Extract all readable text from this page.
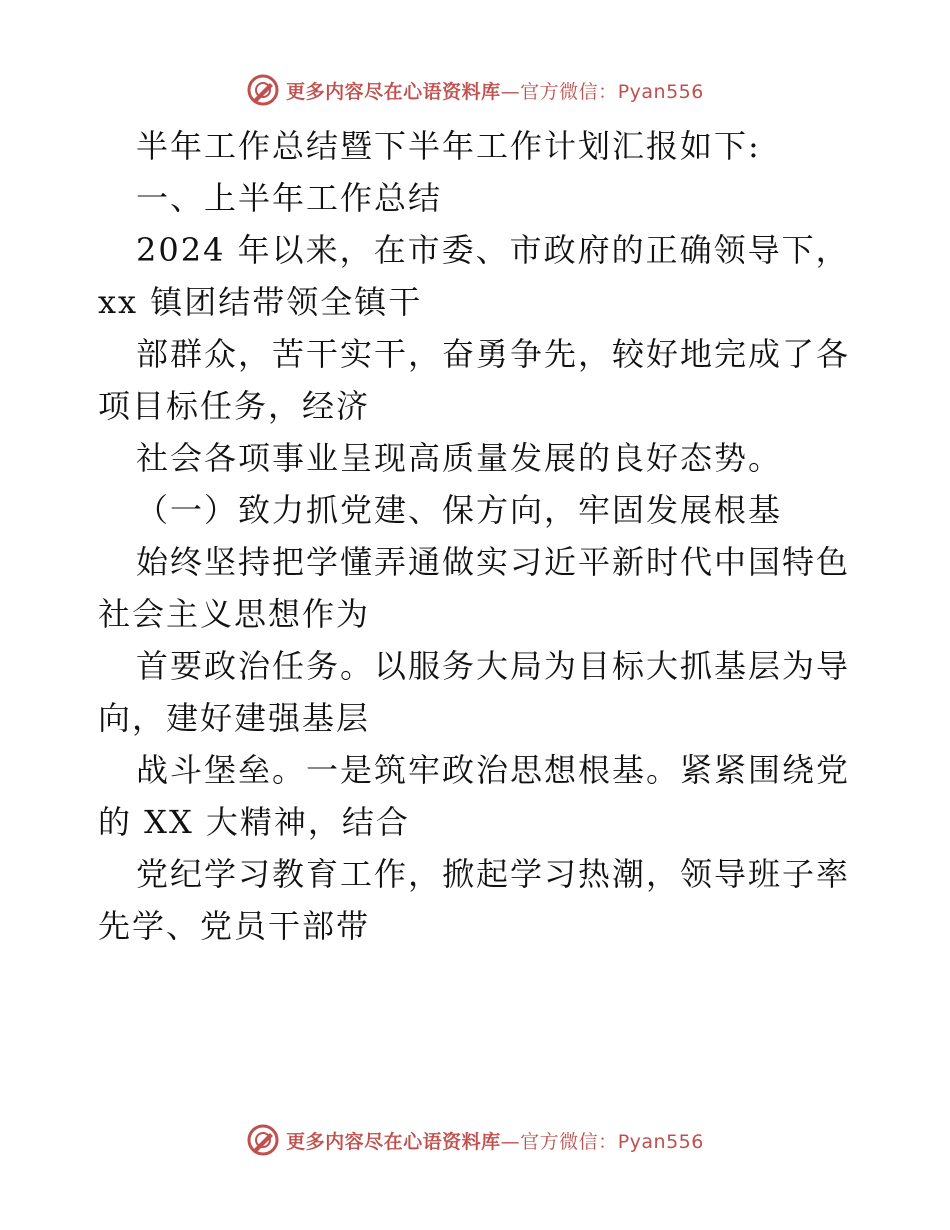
更多内容尽在心语资料库—官方微信：Pyan556
半年工作总结暨下半年工作计划汇报如下:
一、上半年工作总结
2024 年以来，在市委、市政府的正确领导下，
xx 镇团结带领全镇干
部群众，苦干实干，奋勇争先，较好地完成了各
项目标任务，经济
社会各项事业呈现高质量发展的良好态势。
（一）致力抓党建、保方向，牢固发展根基
始终坚持把学懂弄通做实习近平新时代中国特色
社会主义思想作为
首要政治任务。以服务大局为目标大抓基层为导
向，建好建强基层
战斗堡垒。一是筑牢政治思想根基。紧紧围绕党
的 XX 大精神，结合
党纪学习教育工作，掀起学习热潮，领导班子率
先学、党员干部带
更多内容尽在心语资料库—官方微信：Pyan556
